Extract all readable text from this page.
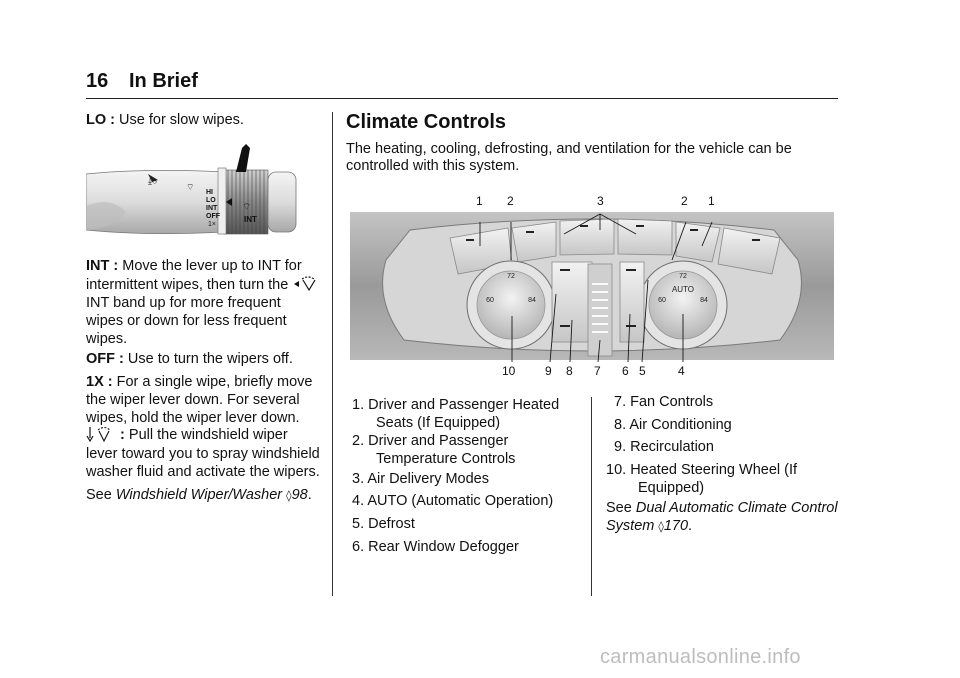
16 In Brief

LO : Use for slow wipes.

⤓⌔
⌔ HI
LO
INT
OFF
1×
INT
⌔

INT : Move the lever up to INT for

intermittent wipes, then turn the

INT band up for more frequent

wipes or down for less frequent

wipes.

OFF : Use to turn the wipers off.

1X : For a single wipe, briefly move

the wiper lever down. For several

wipes, hold the wiper lever down.

: Pull the windshield wiper

lever toward you to spray windshield

washer fluid and activate the wipers.

See Windshield Wiper/Washer ◊98.

Climate Controls

The heating, cooling, defrosting, and ventilation for the vehicle can be

controlled with this system.

72
60	84
72
AUTO
60	84
1 2	3	2 1
10 9 8 7 6 5	4
1. Driver and Passenger Heated
Seats (If Equipped)
2. Driver and Passenger
Temperature Controls
3. Air Delivery Modes
4. AUTO (Automatic Operation)
5. Defrost
6. Rear Window Defogger
7. Fan Controls
8. Air Conditioning
9. Recirculation
10. Heated Steering Wheel (If
Equipped)

See Dual Automatic Climate Control

System ◊170.

carmanualsonline.info
